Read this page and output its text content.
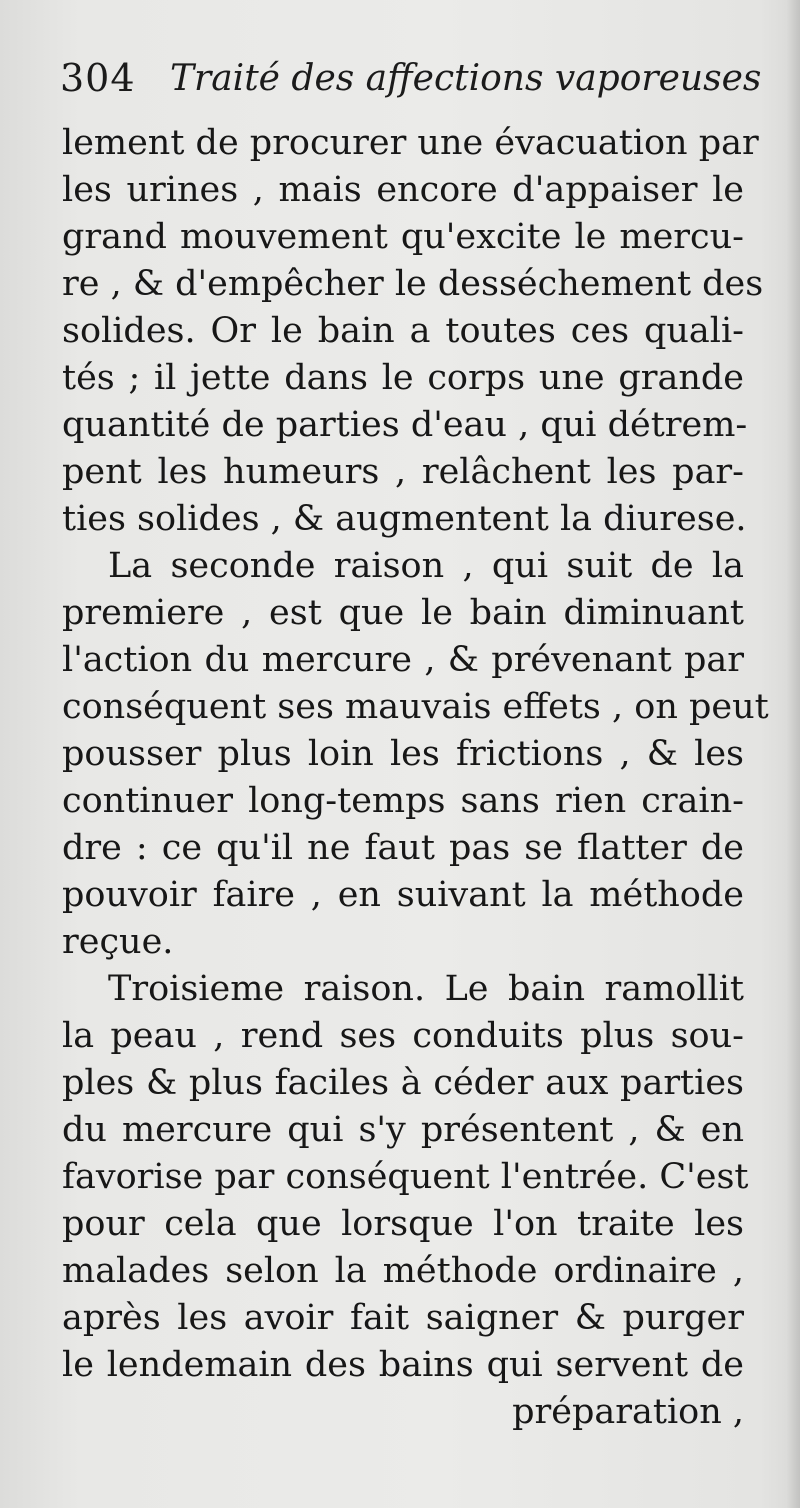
304 Traité des affections vaporeuses
lement de procurer une évacuation par
les urines , mais encore d'appaiser le
grand mouvement qu'excite le mercu-
re , & d'empêcher le desséchement des
solides. Or le bain a toutes ces quali-
tés ; il jette dans le corps une grande
quantité de parties d'eau , qui détrem-
pent les humeurs , relâchent les par-
ties solides , & augmentent la diurese.
La seconde raison , qui suit de la
premiere , est que le bain diminuant
l'action du mercure , & prévenant par
conséquent ses mauvais effets , on peut
pousser plus loin les frictions , & les
continuer long-temps sans rien crain-
dre : ce qu'il ne faut pas se flatter de
pouvoir faire , en suivant la méthode
reçue.
Troisieme raison. Le bain ramollit
la peau , rend ses conduits plus sou-
ples & plus faciles à céder aux parties
du mercure qui s'y présentent , & en
favorise par conséquent l'entrée. C'est
pour cela que lorsque l'on traite les
malades selon la méthode ordinaire ,
après les avoir fait saigner & purger
le lendemain des bains qui servent de
préparation ,
